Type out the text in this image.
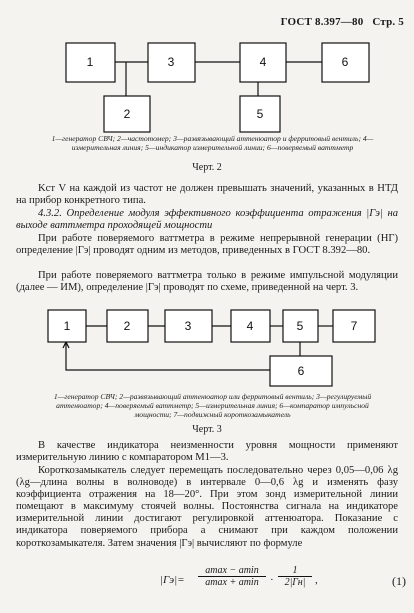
ГОСТ 8.397—80 Стр. 5
1	3	4	6
2	5
1—генератор СВЧ; 2—частотомер; 3—развязывающий аттенюатор и ферритовый вентиль; 4—измерительная линия; 5—индикатор измерительной линии; 6—поверяемый ваттметр
Черт. 2

Kст V на каждой из частот не должен превышать значений, указанных в НТД на прибор конкретного типа.

4.3.2. Определение модуля эффективного коэффициента отражения |Гэ| на выходе ваттметра проходящей мощности

При работе поверяемого ваттметра в режиме непрерывной генерации (НГ) определение |Гэ| проводят одним из методов, приведенных в ГОСТ 8.392—80.

При работе поверяемого ваттметра только в режиме импульсной модуляции (далее — ИМ), определение |Гэ| проводят по схеме, приведенной на черт. 3.

1	2	3	4	5	7
6
1—генератор СВЧ; 2—развязывающий аттенюатор или ферритовый вентиль; 3—регулируемый аттенюатор; 4—поверяемый ваттметр; 5—измерительная линия; 6—компаратор импульсной мощности; 7—подвижный короткозамыкатель
Черт. 3

В качестве индикатора неизменности уровня мощности применяют измерительную линию с компаратором М1—3.

Короткозамыкатель следует перемещать последовательно через 0,05—0,06 λg (λg—длина волны в волноводе) в интервале 0—0,6 λg и изменять фазу коэффициента отражения на 18—20°. При этом зонд измерительной линии помещают в максимуму стоячей волны. Постоянства сигнала на индикаторе измерительной линии достигают регулировкой аттенюатора. Показание с индикатора поверяемого прибора a снимают при каждом положении короткозамыкателя. Затем значения |Гэ| вычисляют по формуле

|Гэ|=
amax − amin
amax + amin	·
1
2|Гн| ,	(1)
